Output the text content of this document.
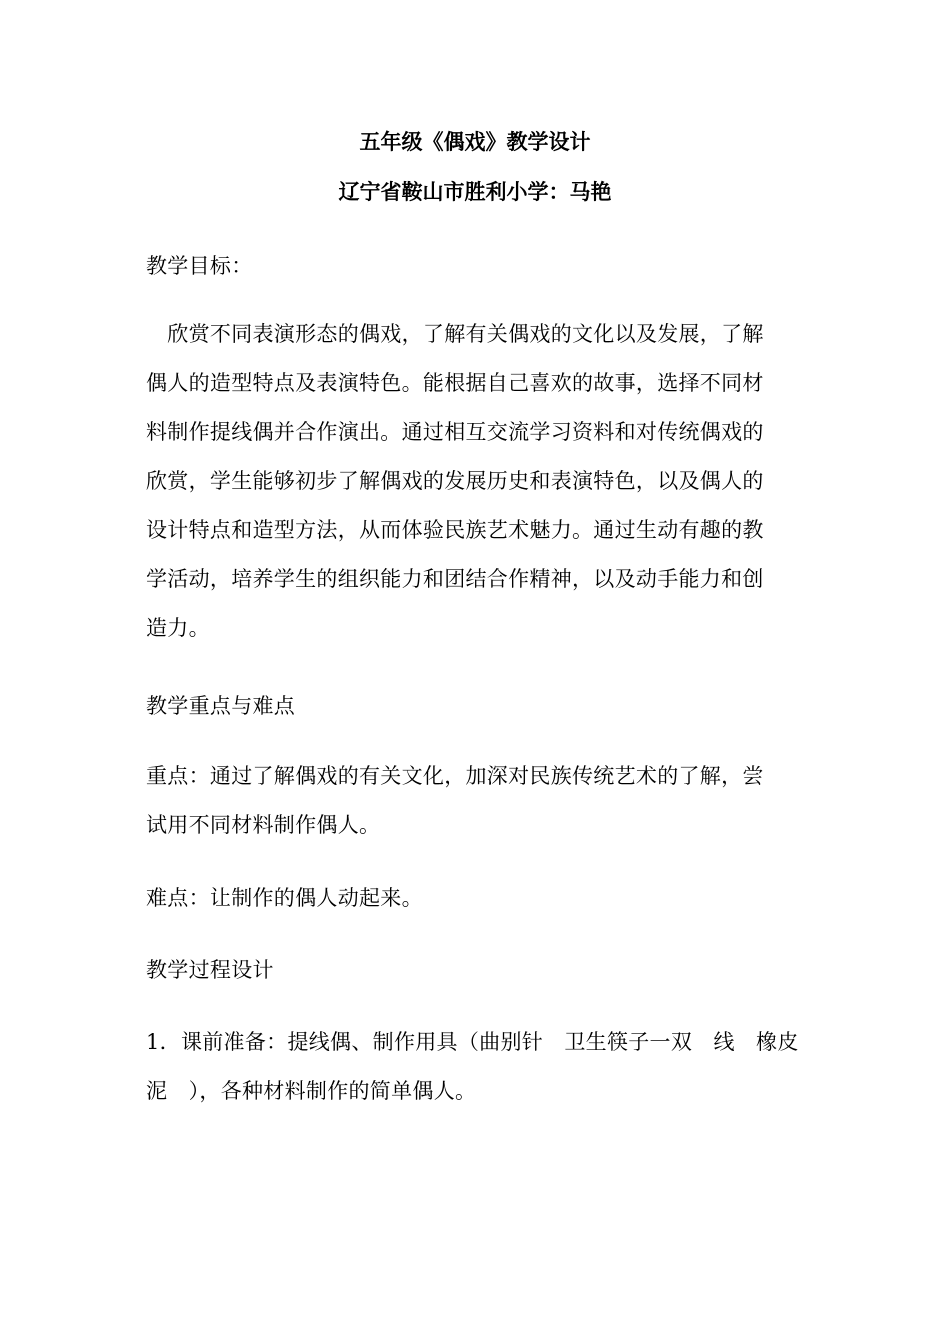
五年级《偶戏》教学设计
辽宁省鞍山市胜利小学：马艳
教学目标：
　欣赏不同表演形态的偶戏，了解有关偶戏的文化以及发展，了解
偶人的造型特点及表演特色。能根据自己喜欢的故事，选择不同材
料制作提线偶并合作演出。通过相互交流学习资料和对传统偶戏的
欣赏，学生能够初步了解偶戏的发展历史和表演特色，以及偶人的
设计特点和造型方法，从而体验民族艺术魅力。通过生动有趣的教
学活动，培养学生的组织能力和团结合作精神，以及动手能力和创
造力。
教学重点与难点
重点：通过了解偶戏的有关文化，加深对民族传统艺术的了解，尝
试用不同材料制作偶人。
难点：让制作的偶人动起来。
教学过程设计
1．课前准备：提线偶、制作用具（曲别针　卫生筷子一双　线　橡皮
泥　），各种材料制作的简单偶人。
